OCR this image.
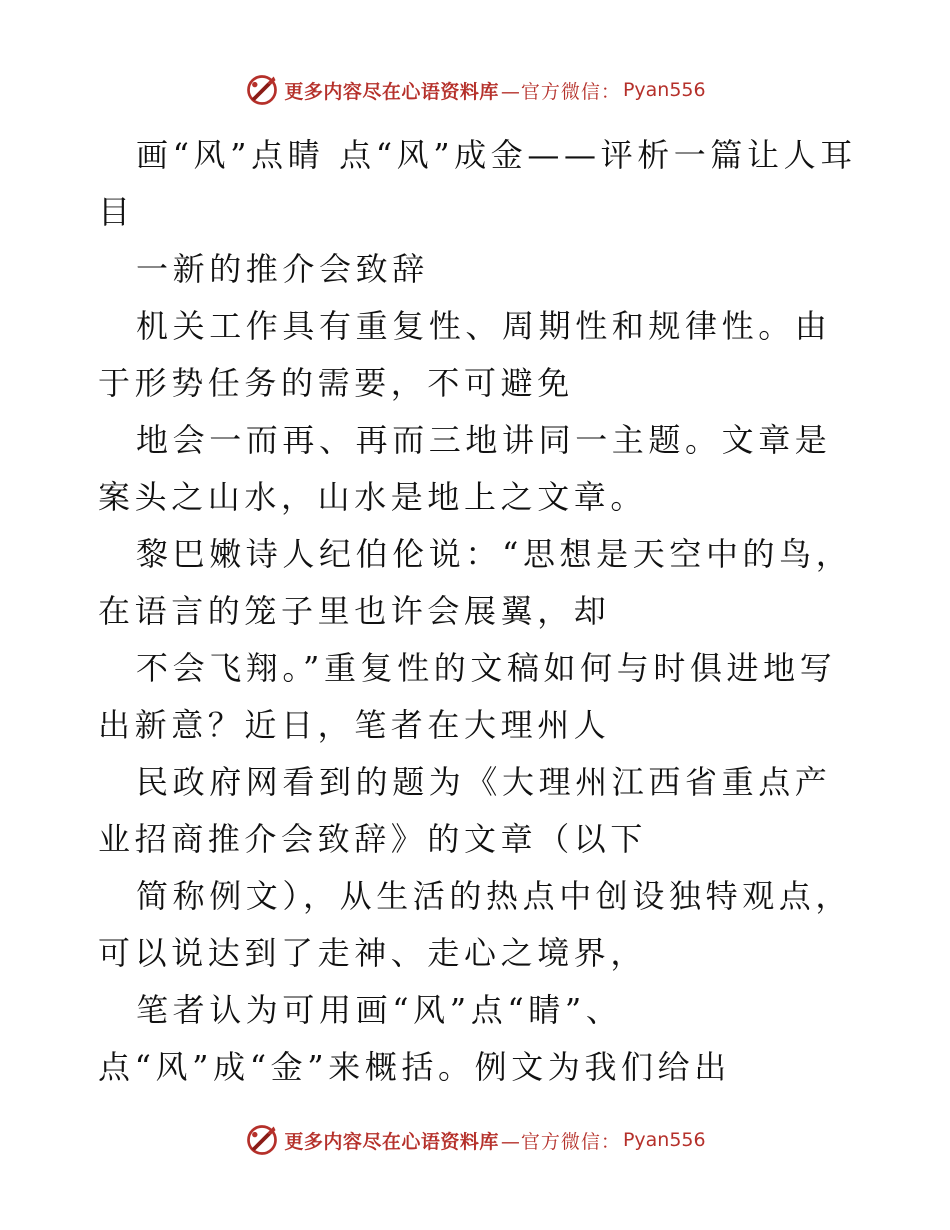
更多内容尽在心语资料库 —官方微信： Pyan556

画“风”点睛 点“风”成金——评析一篇让人耳目

一新的推介会致辞

机关工作具有重复性、周期性和规律性。由于形势任务的需要，不可避免

地会一而再、再而三地讲同一主题。文章是案头之山水，山水是地上之文章。

黎巴嫩诗人纪伯伦说：“思想是天空中的鸟，在语言的笼子里也许会展翼，却

不会飞翔。”重复性的文稿如何与时俱进地写出新意？近日，笔者在大理州人

民政府网看到的题为《大理州江西省重点产业招商推介会致辞》的文章（以下

简称例文），从生活的热点中创设独特观点，可以说达到了走神、走心之境界，

笔者认为可用画“风”点“睛”、

点“风”成“金”来概括。例文为我们给出

更多内容尽在心语资料库 —官方微信： Pyan556
